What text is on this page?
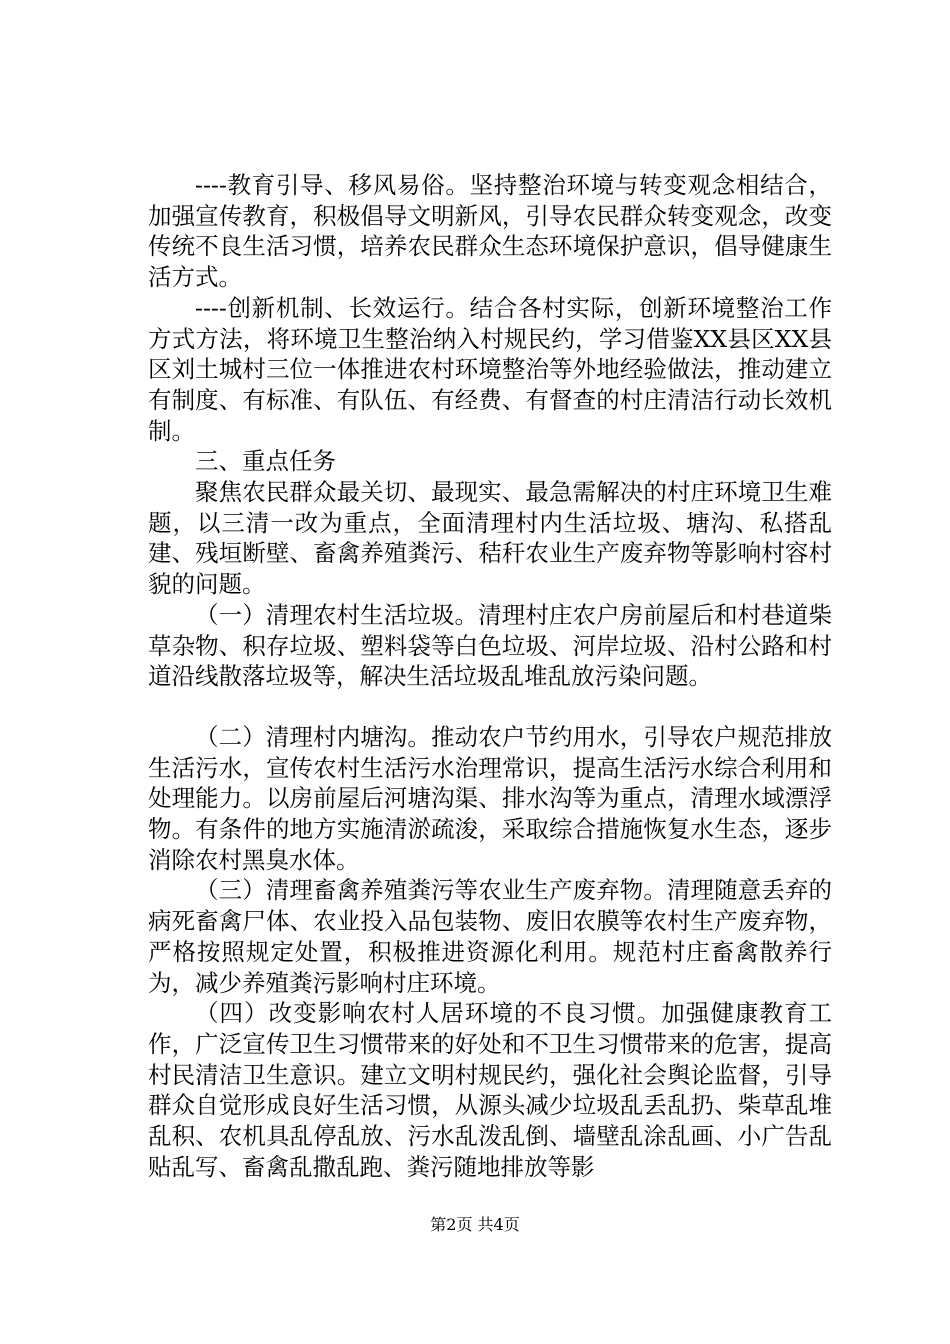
----教育引导、移风易俗。坚持整治环境与转变观念相结合，加强宣传教育，积极倡导文明新风，引导农民群众转变观念，改变传统不良生活习惯，培养农民群众生态环境保护意识，倡导健康生活方式。

----创新机制、长效运行。结合各村实际，创新环境整治工作方式方法，将环境卫生整治纳入村规民约，学习借鉴XX县区XX县区刘土城村三位一体推进农村环境整治等外地经验做法，推动建立有制度、有标准、有队伍、有经费、有督查的村庄清洁行动长效机制。

三、重点任务

聚焦农民群众最关切、最现实、最急需解决的村庄环境卫生难题，以三清一改为重点，全面清理村内生活垃圾、塘沟、私搭乱建、残垣断壁、畜禽养殖粪污、秸秆农业生产废弃物等影响村容村貌的问题。

（一）清理农村生活垃圾。清理村庄农户房前屋后和村巷道柴草杂物、积存垃圾、塑料袋等白色垃圾、河岸垃圾、沿村公路和村道沿线散落垃圾等，解决生活垃圾乱堆乱放污染问题。

（二）清理村内塘沟。推动农户节约用水，引导农户规范排放生活污水，宣传农村生活污水治理常识，提高生活污水综合利用和处理能力。以房前屋后河塘沟渠、排水沟等为重点，清理水域漂浮物。有条件的地方实施清淤疏浚，采取综合措施恢复水生态，逐步消除农村黑臭水体。

（三）清理畜禽养殖粪污等农业生产废弃物。清理随意丢弃的病死畜禽尸体、农业投入品包装物、废旧农膜等农村生产废弃物，严格按照规定处置，积极推进资源化利用。规范村庄畜禽散养行为，减少养殖粪污影响村庄环境。

（四）改变影响农村人居环境的不良习惯。加强健康教育工作，广泛宣传卫生习惯带来的好处和不卫生习惯带来的危害，提高村民清洁卫生意识。建立文明村规民约，强化社会舆论监督，引导群众自觉形成良好生活习惯，从源头减少垃圾乱丢乱扔、柴草乱堆乱积、农机具乱停乱放、污水乱泼乱倒、墙壁乱涂乱画、小广告乱贴乱写、畜禽乱撒乱跑、粪污随地排放等影

第2页 共4页
